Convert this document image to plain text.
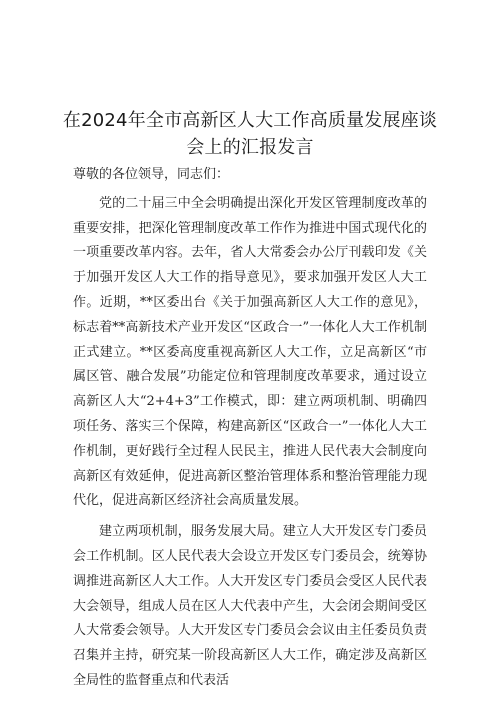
在2024年全市高新区人大工作高质量发展座谈
会上的汇报发言

尊敬的各位领导，同志们：

党的二十届三中全会明确提出深化开发区管理制度改革的重要安排，把深化管理制度改革工作作为推进中国式现代化的一项重要改革内容。去年，省人大常委会办公厅刊载印发《关于加强开发区人大工作的指导意见》，要求加强开发区人大工作。近期，**区委出台《关于加强高新区人大工作的意见》，标志着**高新技术产业开发区“区政合一”一体化人大工作机制正式建立。**区委高度重视高新区人大工作，立足高新区“市属区管、融合发展”功能定位和管理制度改革要求，通过设立高新区人大“2+4+3”工作模式，即：建立两项机制、明确四项任务、落实三个保障，构建高新区“区政合一”一体化人大工作机制，更好践行全过程人民民主，推进人民代表大会制度向高新区有效延伸，促进高新区整治管理体系和整治管理能力现代化，促进高新区经济社会高质量发展。

建立两项机制，服务发展大局。建立人大开发区专门委员会工作机制。区人民代表大会设立开发区专门委员会，统筹协调推进高新区人大工作。人大开发区专门委员会受区人民代表大会领导，组成人员在区人大代表中产生，大会闭会期间受区人大常委会领导。人大开发区专门委员会会议由主任委员负责召集并主持，研究某一阶段高新区人大工作，确定涉及高新区全局性的监督重点和代表活
